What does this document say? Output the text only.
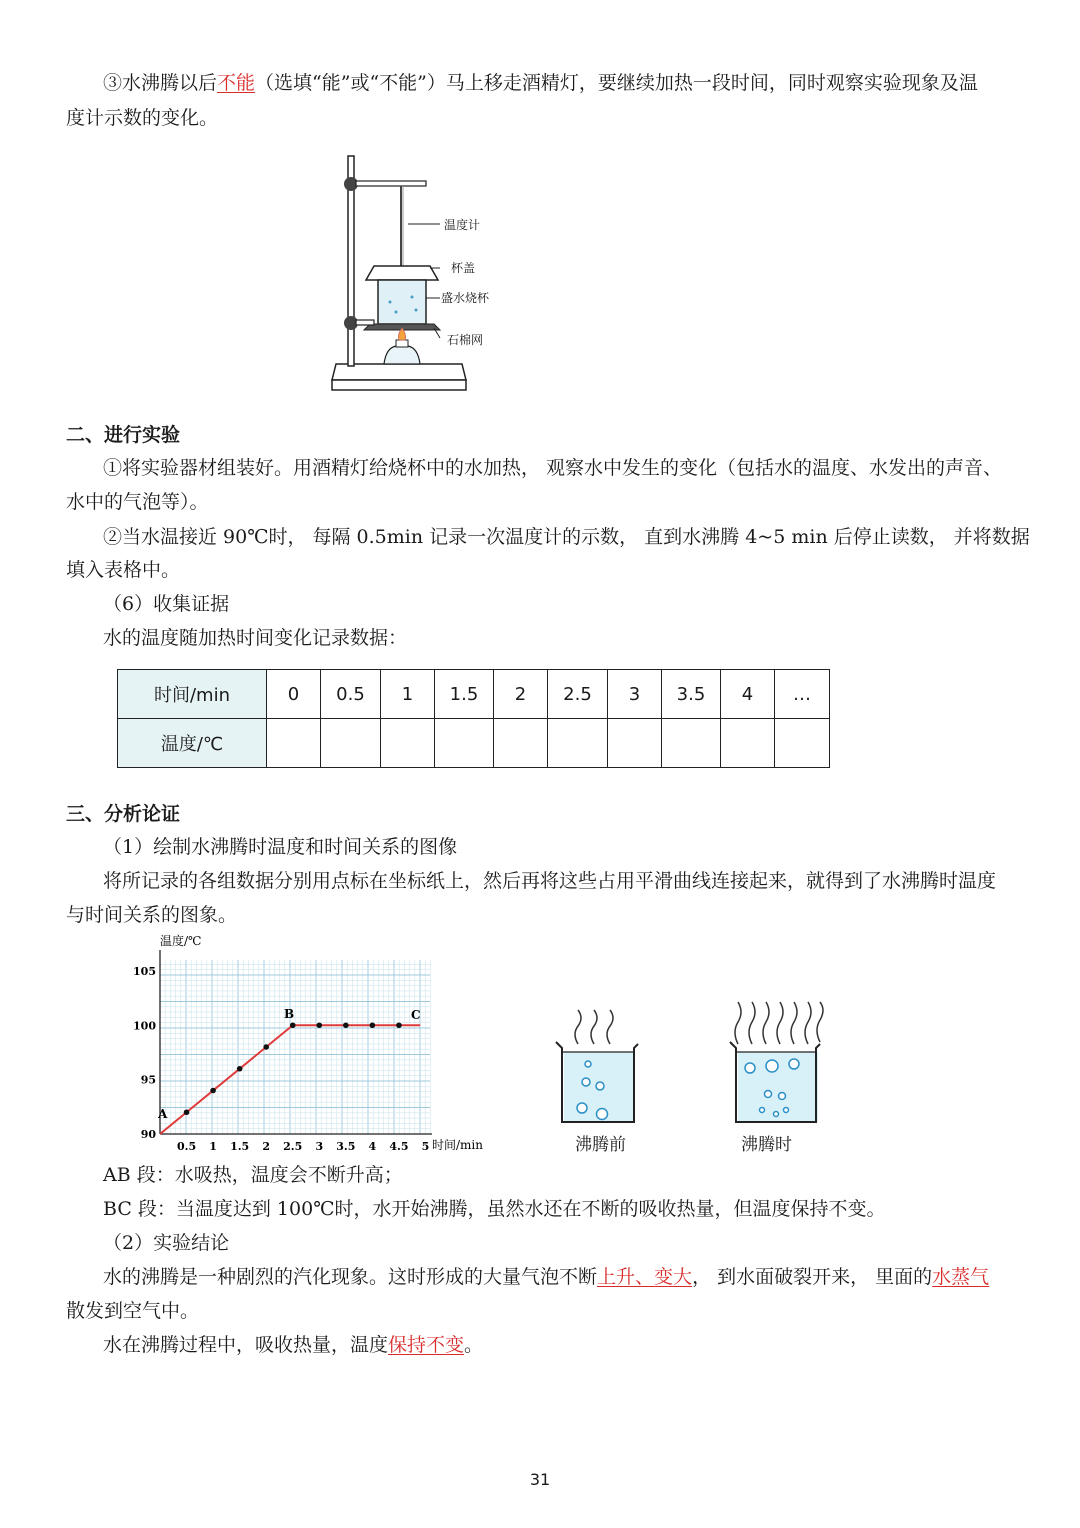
③水沸腾以后不能（选填“能”或“不能”）马上移走酒精灯，要继续加热一段时间，同时观察实验现象及温
度计示数的变化。
温度计
杯盖
盛水烧杯
石棉网
二、进行实验
①将实验器材组装好。用酒精灯给烧杯中的水加热， 观察水中发生的变化（包括水的温度、水发出的声音、
水中的气泡等）。
②当水温接近 90℃时， 每隔 0.5min 记录一次温度计的示数， 直到水沸腾 4~5 min 后停止读数， 并将数据
填入表格中。
（6）收集证据
水的温度随加热时间变化记录数据：
时间/min	0	0.5	1	1.5	2	2.5	3	3.5	4	…
温度/℃										
三、分析论证
（1）绘制水沸腾时温度和时间关系的图像
将所记录的各组数据分别用点标在坐标纸上，然后再将这些占用平滑曲线连接起来，就得到了水沸腾时温度
与时间关系的图象。
0.5 1 1.5 2 2.5 3 3.5 4 4.5 5
90
95
100
105
温度/℃
时间/min
A
B	C
沸腾前	沸腾时
AB 段：水吸热，温度会不断升高；
BC 段：当温度达到 100℃时，水开始沸腾，虽然水还在不断的吸收热量，但温度保持不变。
（2）实验结论
水的沸腾是一种剧烈的汽化现象。这时形成的大量气泡不断上升、变大， 到水面破裂开来， 里面的水蒸气
散发到空气中。
水在沸腾过程中，吸收热量，温度保持不变。
31
